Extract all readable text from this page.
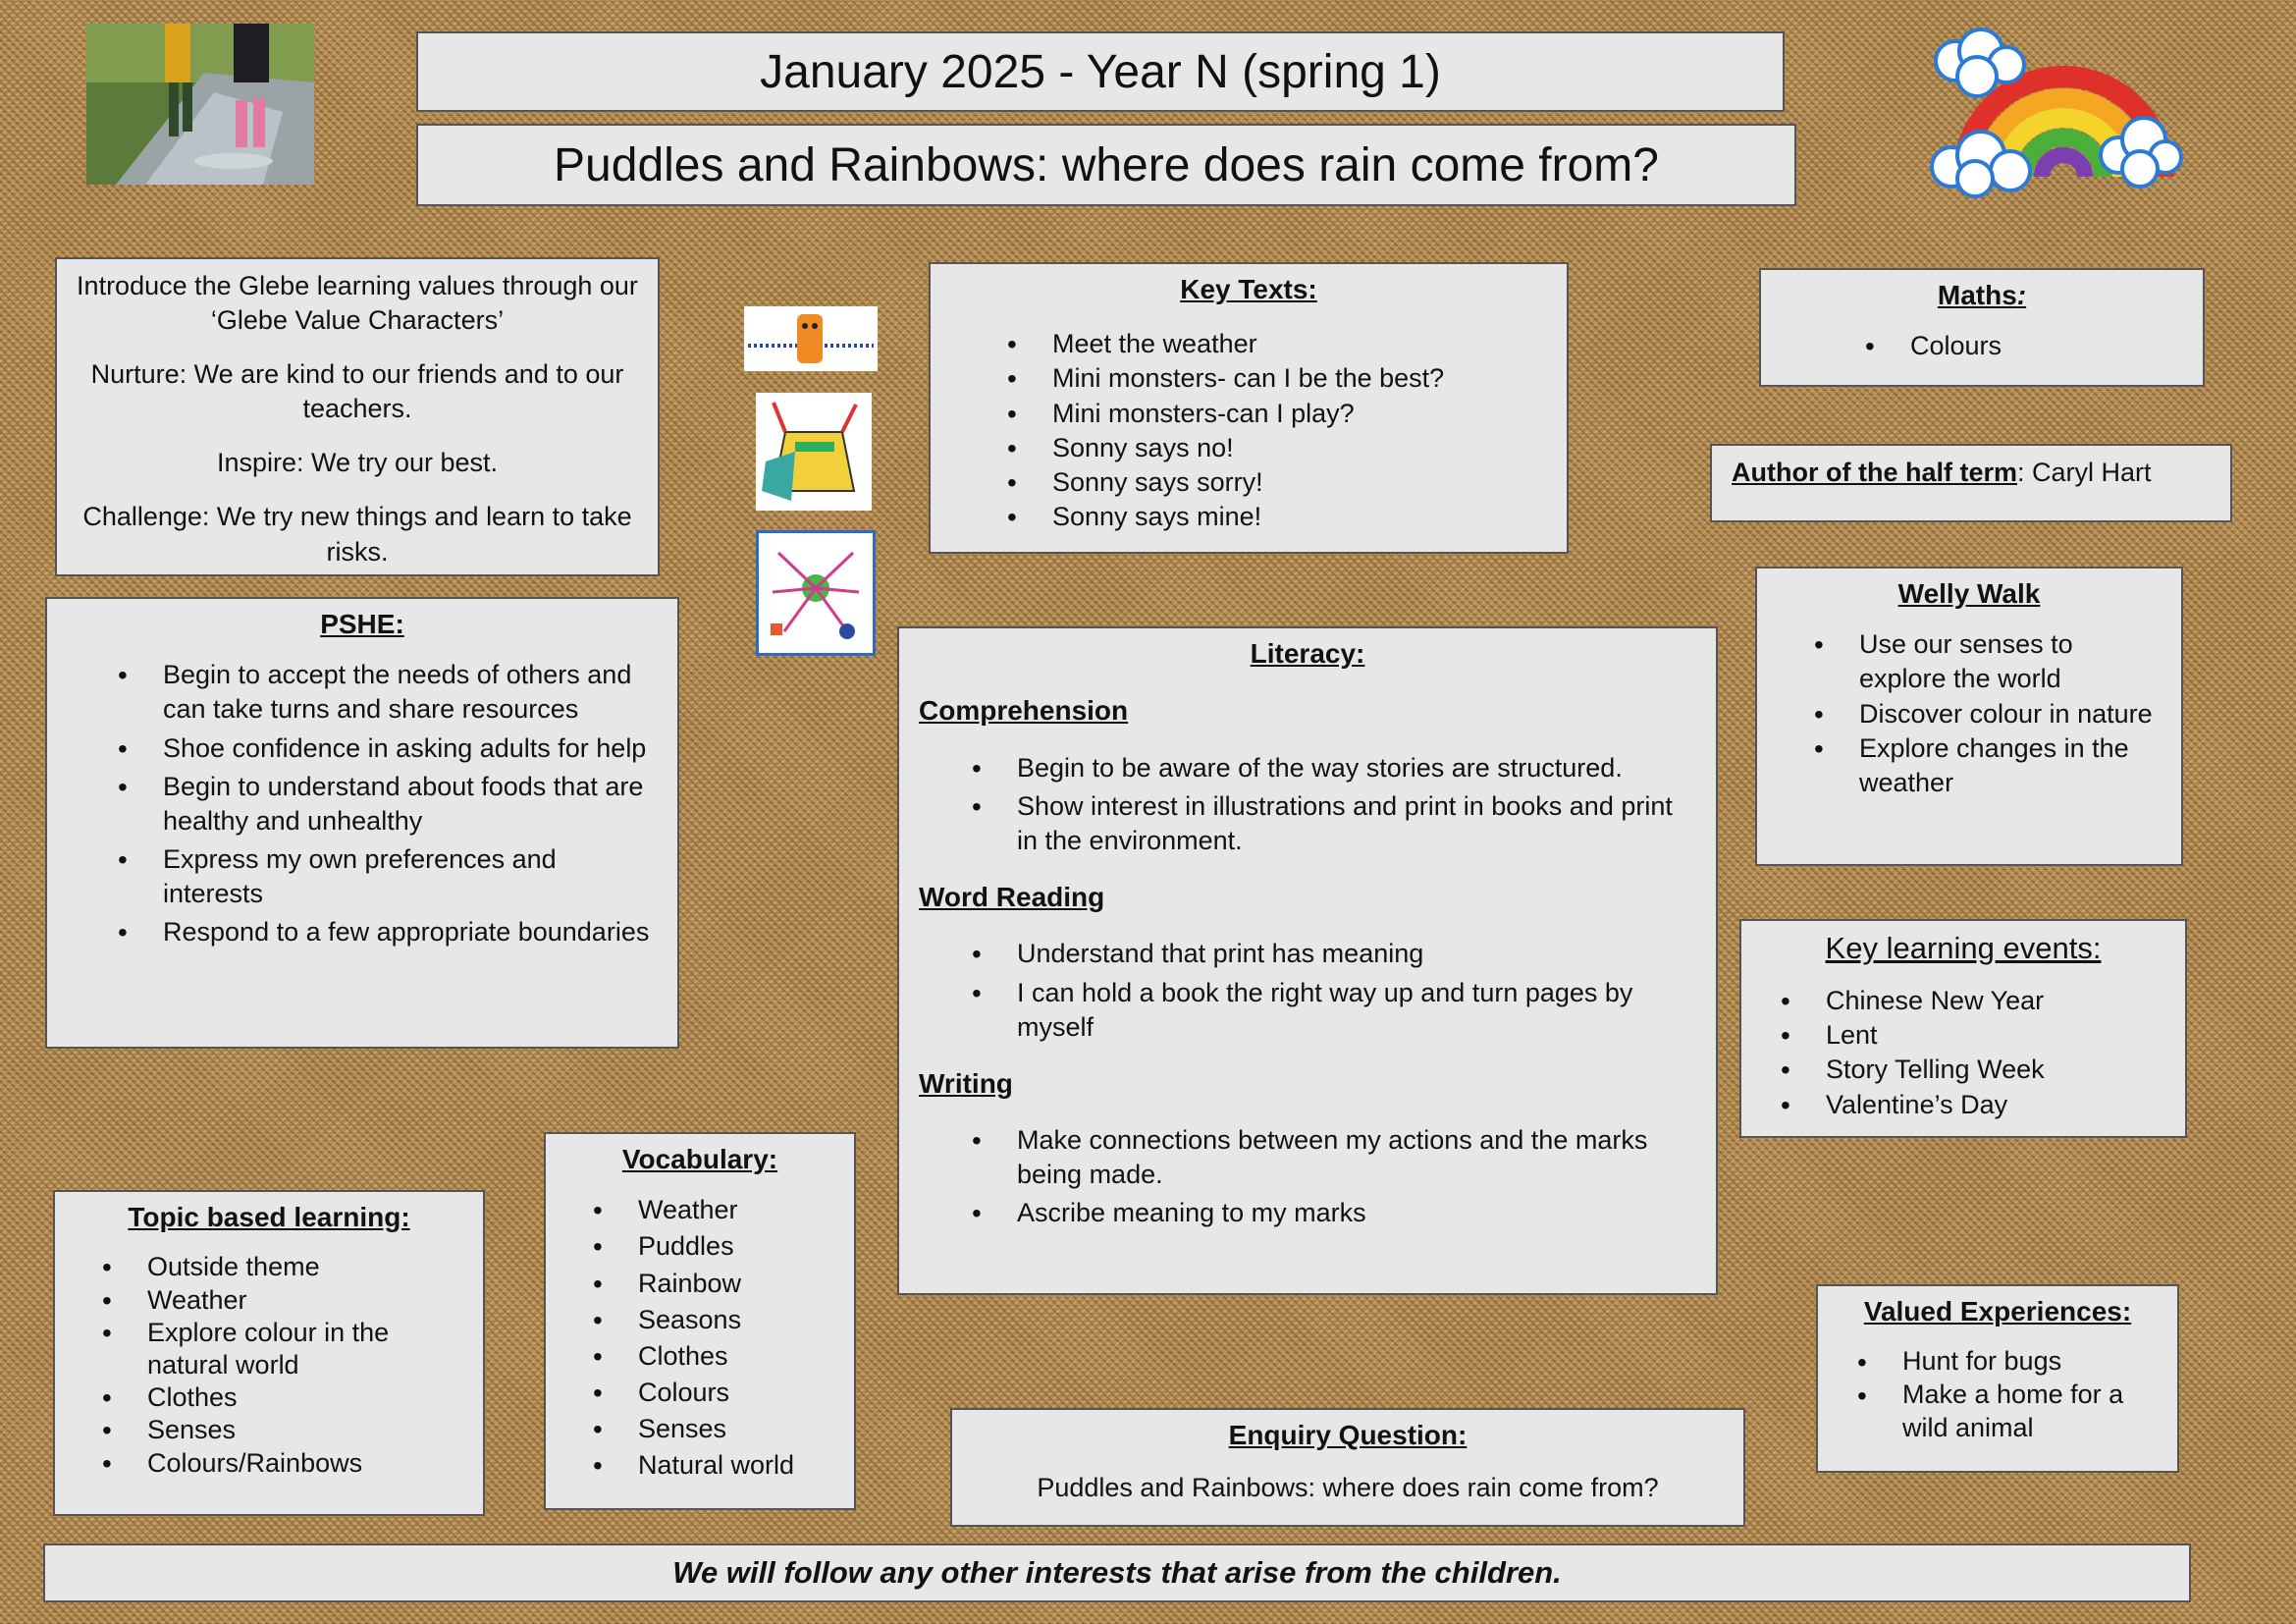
January 2025 - Year N (spring 1)
Puddles and Rainbows: where does rain come from?

Introduce the Glebe learning values through our ‘Glebe Value Characters’

Nurture: We are kind to our friends and to our teachers.

Inspire: We try our best.

Challenge: We try new things and learn to take risks.

Key Texts:
• Meet the weather
• Mini monsters- can I be the best?
• Mini monsters-can I play?
• Sonny says no!
• Sonny says sorry!
• Sonny says mine!
Maths:
• Colours
Author of the half term: Caryl Hart
Welly Walk
• Use our senses to explore the world
• Discover colour in nature
• Explore changes in the weather
PSHE:
• Begin to accept the needs of others and can take turns and share resources
• Shoe confidence in asking adults for help
• Begin to understand about foods that are healthy and unhealthy
• Express my own preferences and interests
• Respond to a few appropriate boundaries
Literacy:
Comprehension
• Begin to be aware of the way stories are structured.
• Show interest in illustrations and print in books and print in the environment.
Word Reading
• Understand that print has meaning
• I can hold a book the right way up and turn pages by myself
Writing
• Make connections between my actions and the marks being made.
• Ascribe meaning to my marks
Key learning events:
• Chinese New Year
• Lent
• Story Telling Week
• Valentine’s Day
Vocabulary:
• Weather
• Puddles
• Rainbow
• Seasons
• Clothes
• Colours
• Senses
• Natural world
Topic based learning:
• Outside theme
• Weather
• Explore colour in the natural world
• Clothes
• Senses
• Colours/Rainbows
Valued Experiences:
• Hunt for bugs
• Make a home for a wild animal
Enquiry Question:
Puddles and Rainbows: where does rain come from?
We will follow any other interests that arise from the children.
